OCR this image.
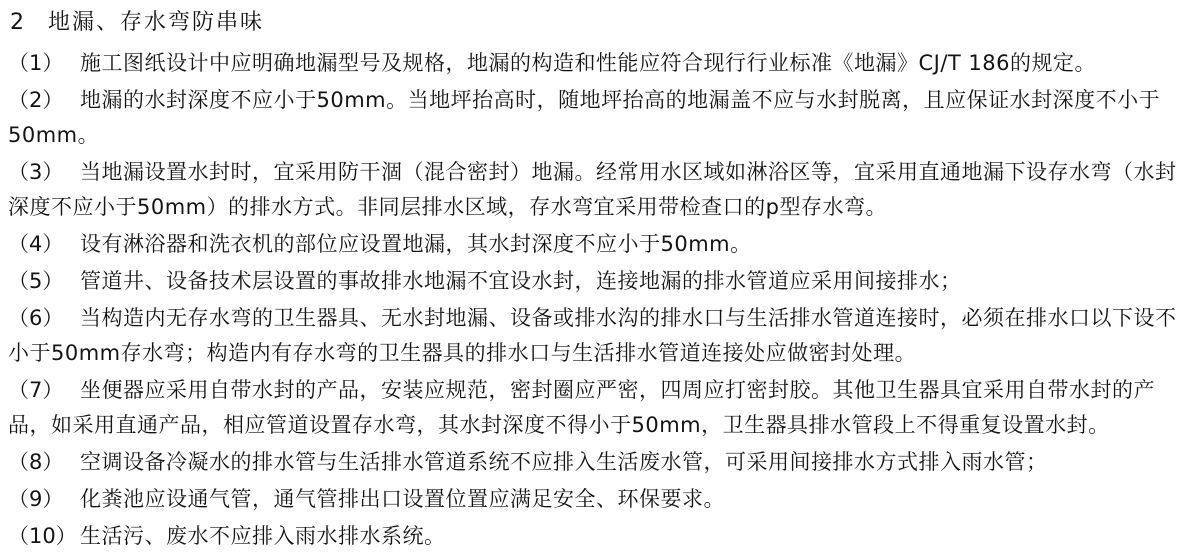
2 地漏、存水弯防串味

（1） 施工图纸设计中应明确地漏型号及规格，地漏的构造和性能应符合现行行业标准《地漏》CJ/T 186的规定。

（2） 地漏的水封深度不应小于50mm。当地坪抬高时，随地坪抬高的地漏盖不应与水封脱离，且应保证水封深度不小于50mm。

（3） 当地漏设置水封时，宜采用防干涸（混合密封）地漏。经常用水区域如淋浴区等，宜采用直通地漏下设存水弯（水封深度不应小于50mm）的排水方式。非同层排水区域，存水弯宜采用带检查口的p型存水弯。

（4） 设有淋浴器和洗衣机的部位应设置地漏，其水封深度不应小于50mm。

（5） 管道井、设备技术层设置的事故排水地漏不宜设水封，连接地漏的排水管道应采用间接排水；

（6） 当构造内无存水弯的卫生器具、无水封地漏、设备或排水沟的排水口与生活排水管道连接时，必须在排水口以下设不小于50mm存水弯；构造内有存水弯的卫生器具的排水口与生活排水管道连接处应做密封处理。

（7） 坐便器应采用自带水封的产品，安装应规范，密封圈应严密，四周应打密封胶。其他卫生器具宜采用自带水封的产品，如采用直通产品，相应管道设置存水弯，其水封深度不得小于50mm，卫生器具排水管段上不得重复设置水封。

（8） 空调设备冷凝水的排水管与生活排水管道系统不应排入生活废水管，可采用间接排水方式排入雨水管；

（9） 化粪池应设通气管，通气管排出口设置位置应满足安全、环保要求。

（10） 生活污、废水不应排入雨水排水系统。
